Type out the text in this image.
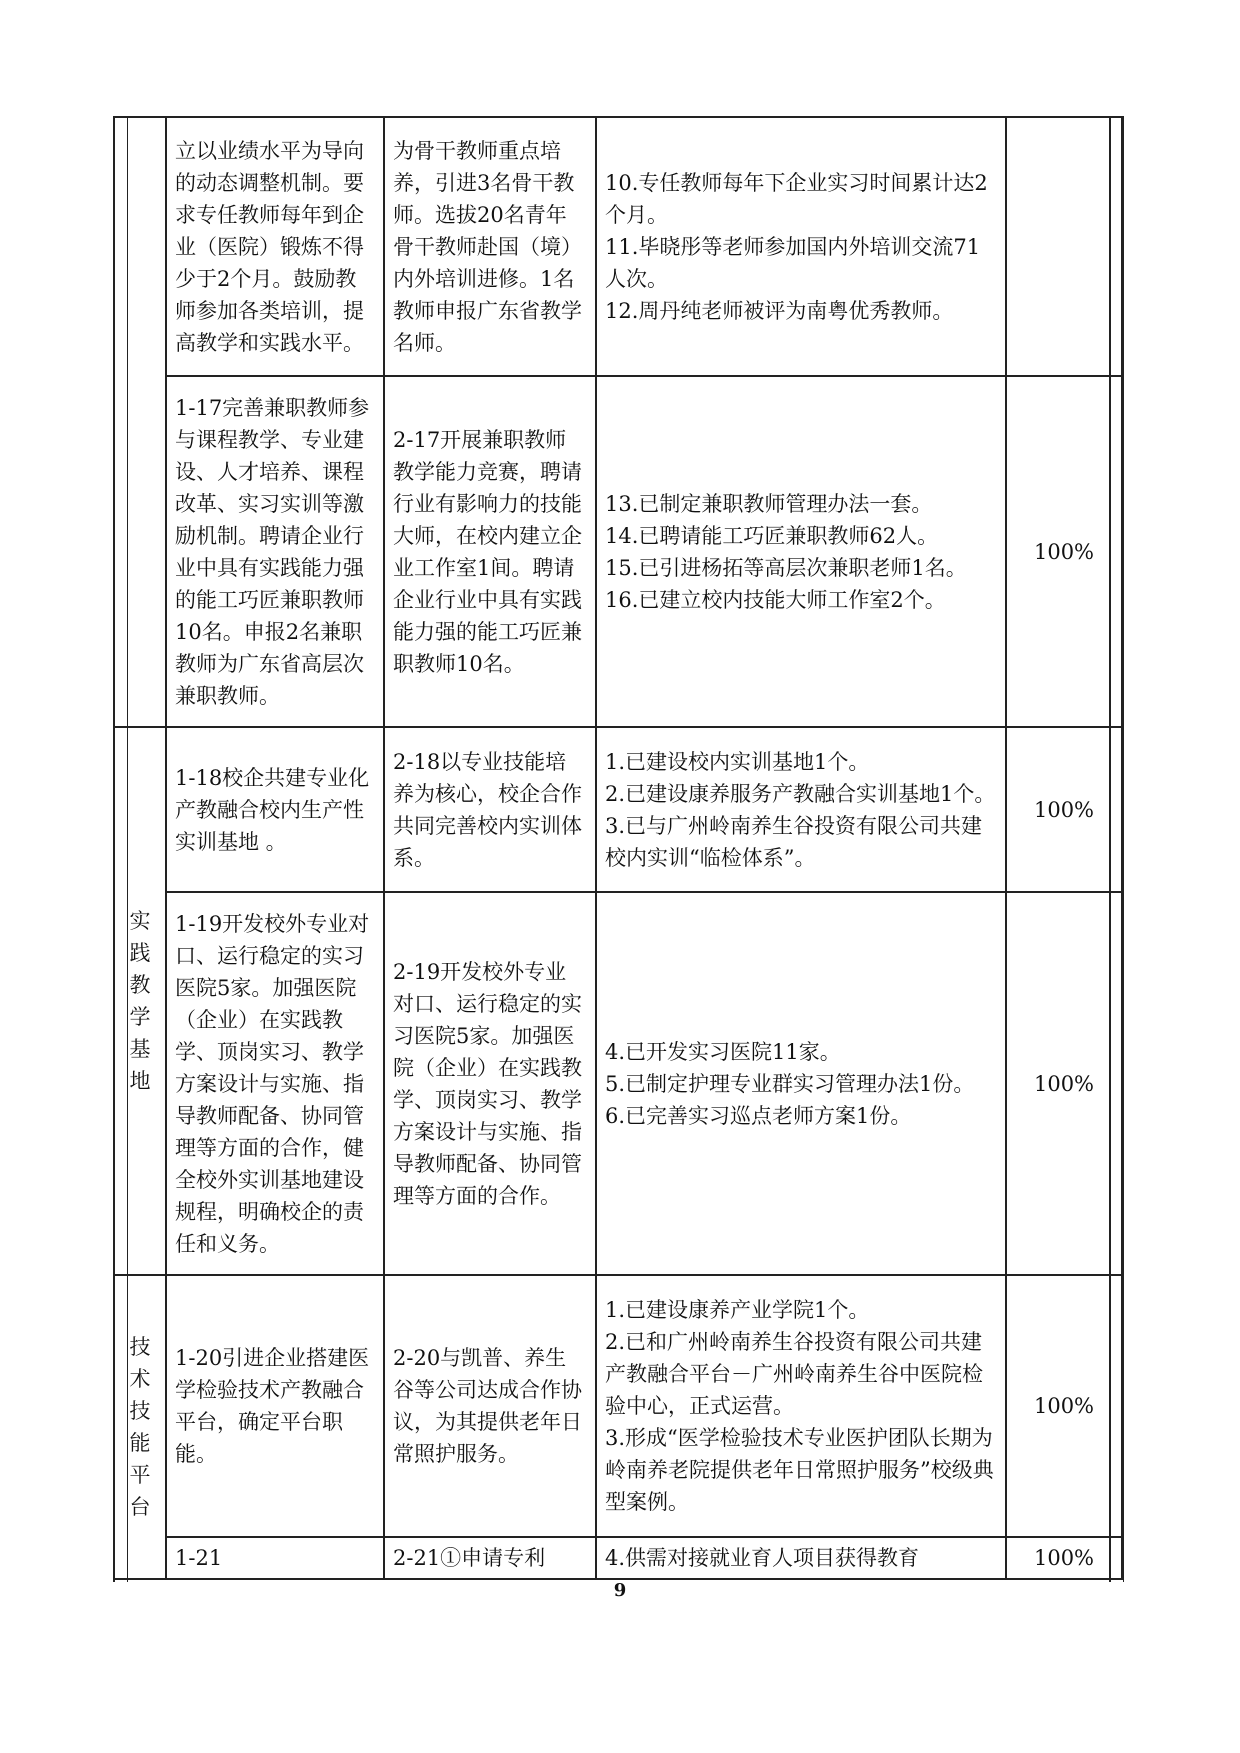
	立以业绩水平为导向的动态调整机制。要求专任教师每年到企业（医院）锻炼不得少于2个月。鼓励教师参加各类培训，提高教学和实践水平。	为骨干教师重点培养，引进3名骨干教师。选拔20名青年骨干教师赴国（境）内外培训进修。1名教师申报广东省教学名师。	10.专任教师每年下企业实习时间累计达2个月。
11.毕晓彤等老师参加国内外培训交流71人次。
12.周丹纯老师被评为南粤优秀教师。	

	1-17完善兼职教师参与课程教学、专业建设、人才培养、课程改革、实习实训等激励机制。聘请企业行业中具有实践能力强的能工巧匠兼职教师10名。申报2名兼职教师为广东省高层次兼职教师。	2-17开展兼职教师教学能力竞赛，聘请行业有影响力的技能大师，在校内建立企业工作室1间。聘请企业行业中具有实践能力强的能工巧匠兼职教师10名。	13.已制定兼职教师管理办法一套。
14.已聘请能工巧匠兼职教师62人。
15.已引进杨拓等高层次兼职老师1名。
16.已建立校内技能大师工作室2个。	100%
实践教学基地	1-18校企共建专业化产教融合校内生产性实训基地 。	2-18以专业技能培养为核心，校企合作共同完善校内实训体系。	1.已建设校内实训基地1个。
2.已建设康养服务产教融合实训基地1个。
3.已与广州岭南养生谷投资有限公司共建校内实训“临检体系”。	100%
	1-19开发校外专业对口、运行稳定的实习医院5家。加强医院（企业）在实践教学、顶岗实习、教学方案设计与实施、指导教师配备、协同管理等方面的合作，健全校外实训基地建设规程，明确校企的责任和义务。	2-19开发校外专业对口、运行稳定的实习医院5家。加强医院（企业）在实践教学、顶岗实习、教学方案设计与实施、指导教师配备、协同管理等方面的合作。	4.已开发实习医院11家。
5.已制定护理专业群实习管理办法1份。
6.已完善实习巡点老师方案1份。	100%
技术技能平台	1-20引进企业搭建医学检验技术产教融合平台，确定平台职能。	2-20与凯普、养生谷等公司达成合作协议，为其提供老年日常照护服务。	1.已建设康养产业学院1个。
2.已和广州岭南养生谷投资有限公司共建产教融合平台－广州岭南养生谷中医院检验中心，正式运营。
3.形成“医学检验技术专业医护团队长期为岭南养老院提供老年日常照护服务”校级典型案例。	100%
	1-21	2-21①申请专利	4.供需对接就业育人项目获得教育	100%
9
